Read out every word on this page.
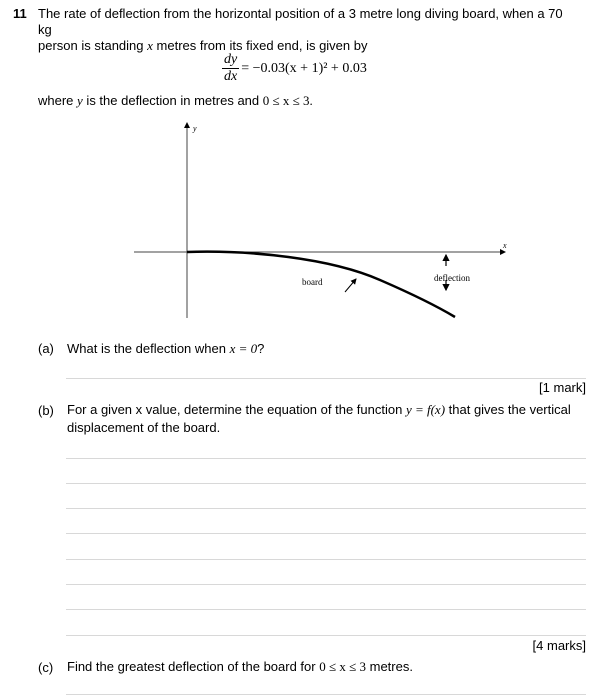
11 The rate of deflection from the horizontal position of a 3 metre long diving board, when a 70 kg
person is standing x metres from its fixed end, is given by
$\frac{dy}{dx} = -0.03(x + 1)^2 + 0.03$
where y is the deflection in metres and 0 ≤ x ≤ 3.
y
x
board	deflection
(a) What is the deflection when x = 0?
[1 mark]
(b) For a given x value, determine the equation of the function y = f(x) that gives the vertical
displacement of the board.
[4 marks]
(c) Find the greatest deflection of the board for 0 ≤ x ≤ 3 metres.
